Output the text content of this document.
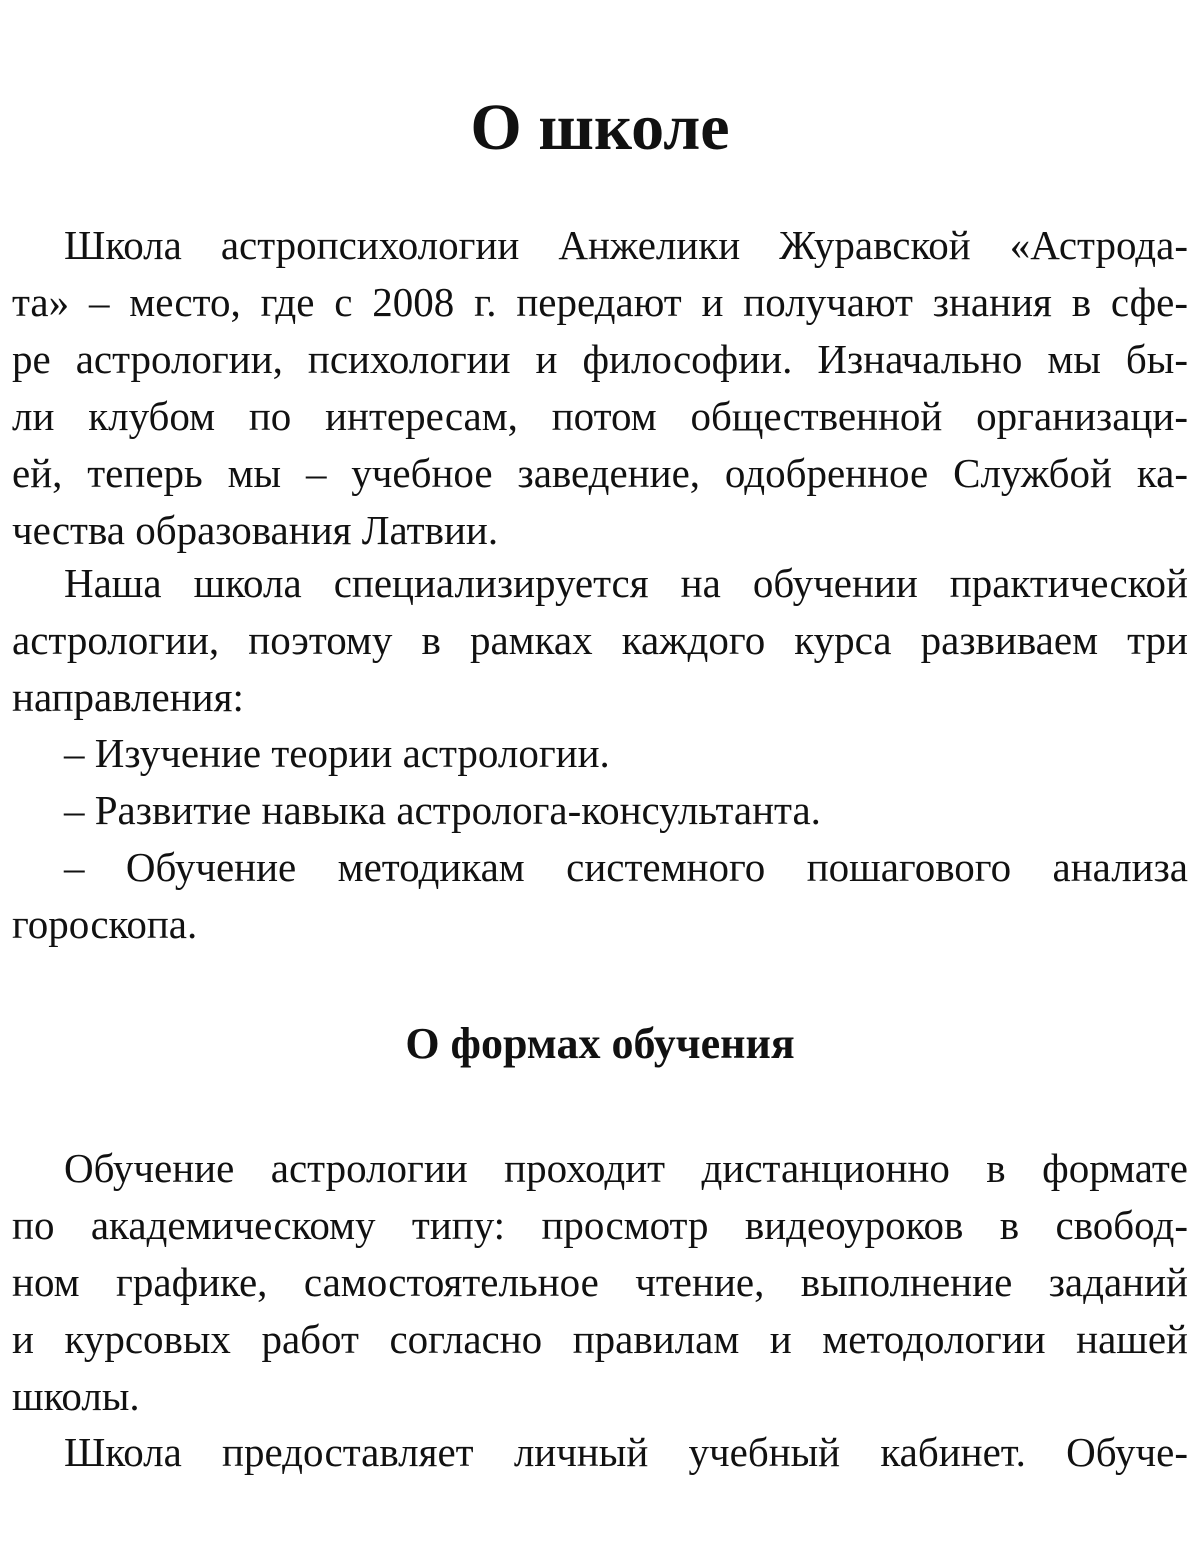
О школе
Школа астропсихологии Анжелики Журавской «Астрода-
та» – место, где с 2008 г. передают и получают знания в сфе-
ре астрологии, психологии и философии. Изначально мы бы-
ли клубом по интересам, потом общественной организаци-
ей, теперь мы – учебное заведение, одобренное Службой ка-
чества образования Латвии.
Наша школа специализируется на обучении практической
астрологии, поэтому в рамках каждого курса развиваем три
направления:
– Изучение теории астрологии.
– Развитие навыка астролога-консультанта.
– Обучение методикам системного пошагового анализа
гороскопа.
О формах обучения
Обучение астрологии проходит дистанционно в формате
по академическому типу: просмотр видеоуроков в свобод-
ном графике, самостоятельное чтение, выполнение заданий
и курсовых работ согласно правилам и методологии нашей
школы.
Школа предоставляет личный учебный кабинет. Обуче-
